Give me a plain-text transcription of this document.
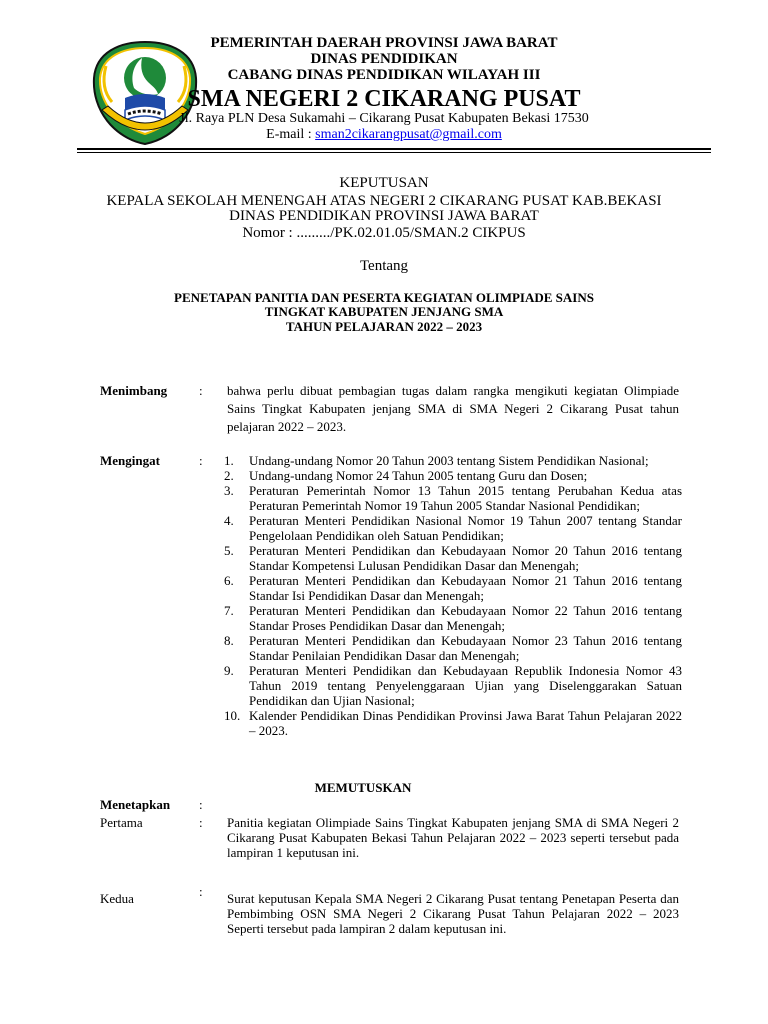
PEMERINTAH DAERAH PROVINSI JAWA BARAT
DINAS PENDIDIKAN
CABANG DINAS PENDIDIKAN WILAYAH III
SMA NEGERI 2 CIKARANG PUSAT
Jl. Raya PLN Desa Sukamahi – Cikarang Pusat Kabupaten Bekasi 17530
E-mail : sman2cikarangpusat@gmail.com
KEPUTUSAN
KEPALA SEKOLAH MENENGAH ATAS NEGERI 2 CIKARANG PUSAT KAB.BEKASI
DINAS PENDIDIKAN PROVINSI JAWA BARAT
Nomor : ........./PK.02.01.05/SMAN.2 CIKPUS
Tentang
PENETAPAN PANITIA DAN PESERTA KEGIATAN OLIMPIADE SAINS
TINGKAT KABUPATEN JENJANG SMA
TAHUN PELAJARAN 2022 – 2023
Menimbang : bahwa perlu dibuat pembagian tugas dalam rangka mengikuti kegiatan Olimpiade Sains Tingkat Kabupaten jenjang SMA di SMA Negeri 2 Cikarang Pusat tahun pelajaran 2022 – 2023.
Mengingat	: 1.	Undang-undang Nomor 20 Tahun 2003 tentang Sistem Pendidikan Nasional;
2.	Undang-undang Nomor 24 Tahun 2005 tentang Guru dan Dosen;
3.	Peraturan Pemerintah Nomor 13 Tahun 2015 tentang Perubahan Kedua atas Peraturan Pemerintah Nomor 19 Tahun 2005 Standar Nasional Pendidikan;
4.	Peraturan Menteri Pendidikan Nasional Nomor 19 Tahun 2007 tentang Standar Pengelolaan Pendidikan oleh Satuan Pendidikan;
5.	Peraturan Menteri Pendidikan dan Kebudayaan Nomor 20 Tahun 2016 tentang Standar Kompetensi Lulusan Pendidikan Dasar dan Menengah;
6.	Peraturan Menteri Pendidikan dan Kebudayaan Nomor 21 Tahun 2016 tentang Standar Isi Pendidikan Dasar dan Menengah;
7.	Peraturan Menteri Pendidikan dan Kebudayaan Nomor 22 Tahun 2016 tentang Standar Proses Pendidikan Dasar dan Menengah;
8.	Peraturan Menteri Pendidikan dan Kebudayaan Nomor 23 Tahun 2016 tentang Standar Penilaian Pendidikan Dasar dan Menengah;
9.	Peraturan Menteri Pendidikan dan Kebudayaan Republik Indonesia Nomor 43 Tahun 2019 tentang Penyelenggaraan Ujian yang Diselenggarakan Satuan Pendidikan dan Ujian Nasional;
10. Kalender Pendidikan Dinas Pendidikan Provinsi Jawa Barat Tahun Pelajaran 2022 – 2023.
MEMUTUSKAN
Menetapkan :
Pertama	: Panitia kegiatan Olimpiade Sains Tingkat Kabupaten jenjang SMA di SMA Negeri 2 Cikarang Pusat Kabupaten Bekasi Tahun Pelajaran 2022 – 2023 seperti tersebut pada lampiran 1 keputusan ini.
Kedua	: Surat keputusan Kepala SMA Negeri 2 Cikarang Pusat tentang Penetapan Peserta dan Pembimbing OSN SMA Negeri 2 Cikarang Pusat Tahun Pelajaran 2022 – 2023 Seperti tersebut pada lampiran 2 dalam keputusan ini.
